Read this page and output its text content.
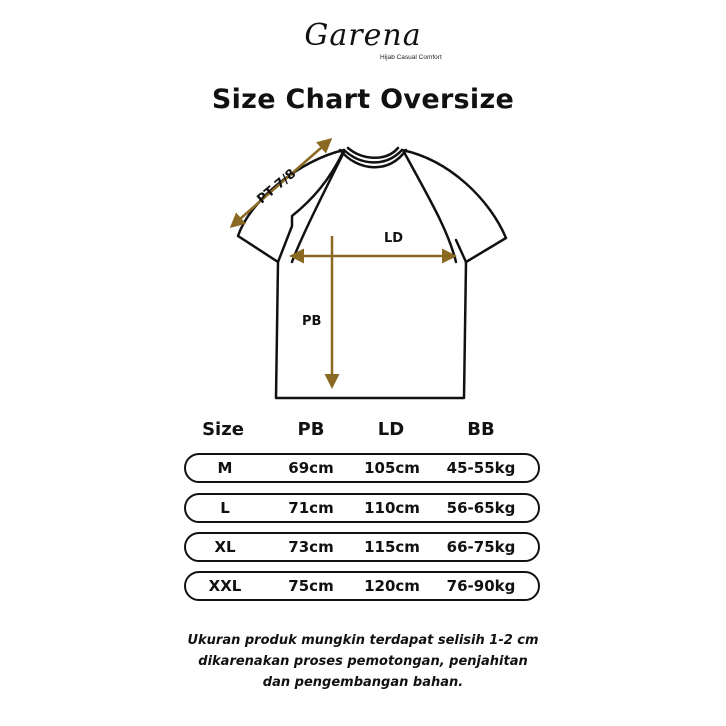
Garena
Hijab Casual Comfort
Size Chart Oversize
PT 7/8
LD
PB
Size	PB	LD	BB
M	69cm	105cm	45-55kg
L	71cm	110cm	56-65kg
XL	73cm	115cm	66-75kg
XXL	75cm	120cm	76-90kg
Ukuran produk mungkin terdapat selisih 1-2 cm
dikarenakan proses pemotongan, penjahitan
dan pengembangan bahan.
